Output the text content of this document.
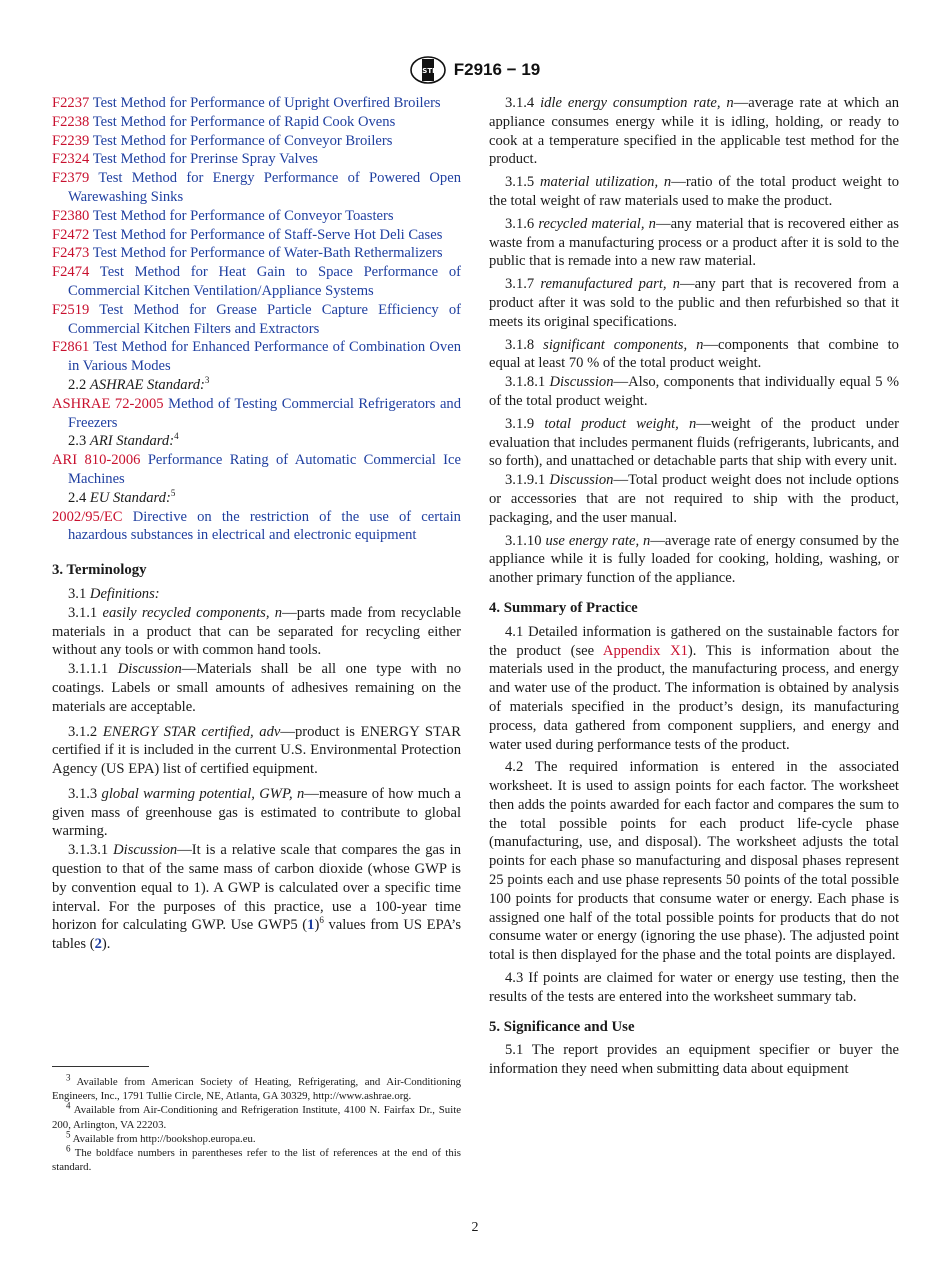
ASTM F2916 − 19

F2237 Test Method for Performance of Upright Overfired Broilers

F2238 Test Method for Performance of Rapid Cook Ovens

F2239 Test Method for Performance of Conveyor Broilers

F2324 Test Method for Prerinse Spray Valves

F2379 Test Method for Energy Performance of Powered Open Warewashing Sinks

F2380 Test Method for Performance of Conveyor Toasters

F2472 Test Method for Performance of Staff-Serve Hot Deli Cases

F2473 Test Method for Performance of Water-Bath Rethermalizers

F2474 Test Method for Heat Gain to Space Performance of Commercial Kitchen Ventilation/Appliance Systems

F2519 Test Method for Grease Particle Capture Efficiency of Commercial Kitchen Filters and Extractors

F2861 Test Method for Enhanced Performance of Combination Oven in Various Modes

2.2 ASHRAE Standard:$^3$

ASHRAE 72-2005 Method of Testing Commercial Refrigerators and Freezers

2.3 ARI Standard:$^4$

ARI 810-2006 Performance Rating of Automatic Commercial Ice Machines

2.4 EU Standard:$^5$

2002/95/EC Directive on the restriction of the use of certain hazardous substances in electrical and electronic equipment

3. Terminology

3.1 Definitions:

3.1.1 easily recycled components, n—parts made from recyclable materials in a product that can be separated for recycling either without any tools or with common hand tools.

3.1.1.1 Discussion—Materials shall be all one type with no coatings. Labels or small amounts of adhesives remaining on the materials are acceptable.

3.1.2 ENERGY STAR certified, adv—product is ENERGY STAR certified if it is included in the current U.S. Environmental Protection Agency (US EPA) list of certified equipment.

3.1.3 global warming potential, GWP, n—measure of how much a given mass of greenhouse gas is estimated to contribute to global warming.

3.1.3.1 Discussion—It is a relative scale that compares the gas in question to that of the same mass of carbon dioxide (whose GWP is by convention equal to 1). A GWP is calculated over a specific time interval. For the purposes of this practice, use a 100-year time horizon for calculating GWP. Use GWP5 $(1)^6$ values from US EPA’s tables (2).

$^3$ Available from American Society of Heating, Refrigerating, and Air-Conditioning Engineers, Inc., 1791 Tullie Circle, NE, Atlanta, GA 30329, http://www.ashrae.org.

$^4$ Available from Air-Conditioning and Refrigeration Institute, 4100 N. Fairfax Dr., Suite 200, Arlington, VA 22203.

$^5$ Available from http://bookshop.europa.eu.

$^6$ The boldface numbers in parentheses refer to the list of references at the end of this standard.

3.1.4 idle energy consumption rate, n—average rate at which an appliance consumes energy while it is idling, holding, or ready to cook at a temperature specified in the applicable test method for the product.

3.1.5 material utilization, n—ratio of the total product weight to the total weight of raw materials used to make the product.

3.1.6 recycled material, n—any material that is recovered either as waste from a manufacturing process or a product after it is sold to the public that is remade into a new raw material.

3.1.7 remanufactured part, n—any part that is recovered from a product after it was sold to the public and then refurbished so that it meets its original specifications.

3.1.8 significant components, n—components that combine to equal at least 70 % of the total product weight.

3.1.8.1 Discussion—Also, components that individually equal 5 % of the total product weight.

3.1.9 total product weight, n—weight of the product under evaluation that includes permanent fluids (refrigerants, lubricants, and so forth), and unattached or detachable parts that ship with every unit.

3.1.9.1 Discussion—Total product weight does not include options or accessories that are not required to ship with the product, packaging, and the user manual.

3.1.10 use energy rate, n—average rate of energy consumed by the appliance while it is fully loaded for cooking, holding, washing, or another primary function of the appliance.

4. Summary of Practice

4.1 Detailed information is gathered on the sustainable factors for the product (see Appendix X1). This is information about the materials used in the product, the manufacturing process, and energy and water use of the product. The information is obtained by analysis of materials specified in the product’s design, its manufacturing process, data gathered from component suppliers, and energy and water used during performance tests of the product.

4.2 The required information is entered in the associated worksheet. It is used to assign points for each factor. The worksheet then adds the points awarded for each factor and compares the sum to the total possible points for each product life-cycle phase (manufacturing, use, and disposal). The worksheet adjusts the total points for each phase so manufacturing and disposal phases represent 25 points each and use phase represents 50 points of the total possible 100 points for products that consume water or energy. Each phase is assigned one half of the total possible points for products that do not consume water or energy (ignoring the use phase). The adjusted point total is then displayed for the phase and the total points are displayed.

4.3 If points are claimed for water or energy use testing, then the results of the tests are entered into the worksheet summary tab.

5. Significance and Use

5.1 The report provides an equipment specifier or buyer the information they need when submitting data about equipment

2
